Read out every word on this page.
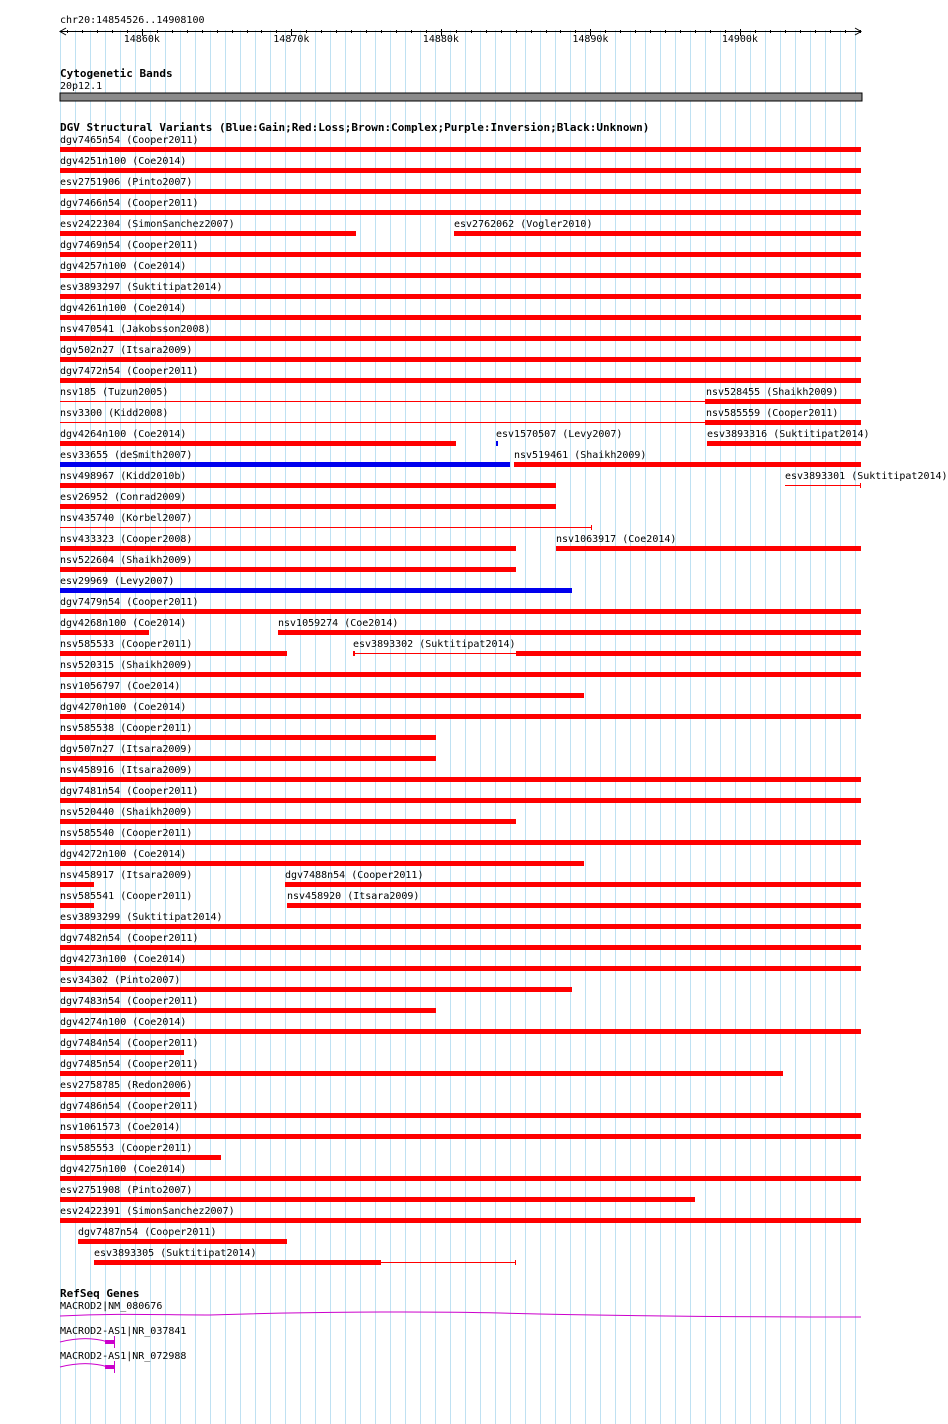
chr20:14854526..14908100
14860k	14870k	14880k	14890k	14900k
Cytogenetic Bands
20p12.1
DGV Structural Variants (Blue:Gain;Red:Loss;Brown:Complex;Purple:Inversion;Black:Unknown)
dgv7465n54 (Cooper2011)
dgv4251n100 (Coe2014)
esv2751906 (Pinto2007)
dgv7466n54 (Cooper2011)
esv2422304 (SimonSanchez2007)	esv2762062 (Vogler2010)
dgv7469n54 (Cooper2011)
dgv4257n100 (Coe2014)
esv3893297 (Suktitipat2014)
dgv4261n100 (Coe2014)
nsv470541 (Jakobsson2008)
dgv502n27 (Itsara2009)
dgv7472n54 (Cooper2011)
nsv185 (Tuzun2005)	nsv528455 (Shaikh2009)
nsv3300 (Kidd2008)	nsv585559 (Cooper2011)
dgv4264n100 (Coe2014)	esv1570507 (Levy2007)	esv3893316 (Suktitipat2014)
esv33655 (deSmith2007)	nsv519461 (Shaikh2009)
nsv498967 (Kidd2010b)	esv3893301 (Suktitipat2014)
esv26952 (Conrad2009)
nsv435740 (Korbel2007)
nsv433323 (Cooper2008)	nsv1063917 (Coe2014)
nsv522604 (Shaikh2009)
esv29969 (Levy2007)
dgv7479n54 (Cooper2011)
dgv4268n100 (Coe2014)	nsv1059274 (Coe2014)
nsv585533 (Cooper2011)	esv3893302 (Suktitipat2014)
nsv520315 (Shaikh2009)
nsv1056797 (Coe2014)
dgv4270n100 (Coe2014)
nsv585538 (Cooper2011)
dgv507n27 (Itsara2009)
nsv458916 (Itsara2009)
dgv7481n54 (Cooper2011)
nsv520440 (Shaikh2009)
nsv585540 (Cooper2011)
dgv4272n100 (Coe2014)
nsv458917 (Itsara2009)	dgv7488n54 (Cooper2011)
nsv585541 (Cooper2011)	nsv458920 (Itsara2009)
esv3893299 (Suktitipat2014)
dgv7482n54 (Cooper2011)
dgv4273n100 (Coe2014)
esv34302 (Pinto2007)
dgv7483n54 (Cooper2011)
dgv4274n100 (Coe2014)
dgv7484n54 (Cooper2011)
dgv7485n54 (Cooper2011)
esv2758785 (Redon2006)
dgv7486n54 (Cooper2011)
nsv1061573 (Coe2014)
nsv585553 (Cooper2011)
dgv4275n100 (Coe2014)
esv2751908 (Pinto2007)
esv2422391 (SimonSanchez2007)
dgv7487n54 (Cooper2011)
esv3893305 (Suktitipat2014)
RefSeq Genes
MACROD2|NM_080676
MACROD2-AS1|NR_037841
MACROD2-AS1|NR_072988
